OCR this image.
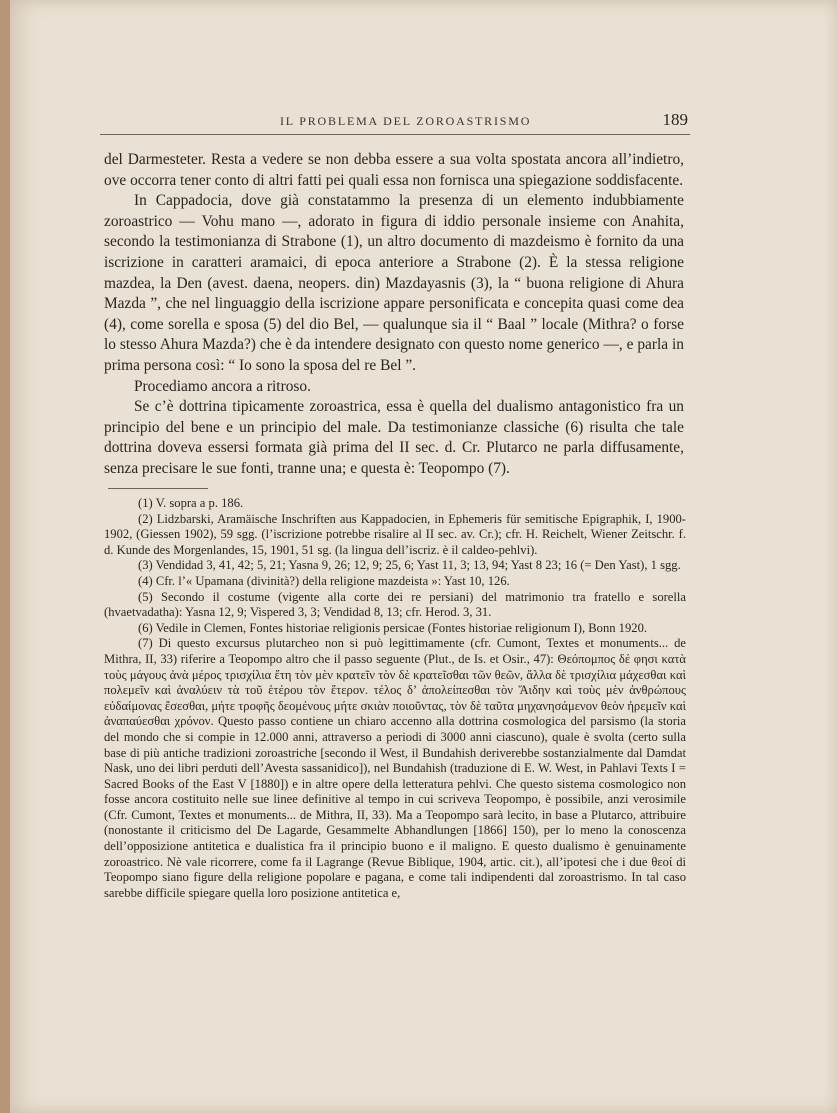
IL PROBLEMA DEL ZOROASTRISMO	189

del Darmesteter. Resta a vedere se non debba essere a sua volta spostata ancora all’indietro, ove occorra tener conto di altri fatti pei quali essa non fornisca una spiegazione soddisfacente.

In Cappadocia, dove già constatammo la presenza di un elemento indubbiamente zoroastrico — Vohu mano —, adorato in figura di iddio personale insieme con Anahita, secondo la testimonianza di Strabone (1), un altro documento di mazdeismo è fornito da una iscrizione in caratteri aramaici, di epoca anteriore a Strabone (2). È la stessa religione mazdea, la Den (avest. daena, neopers. din) Mazdayasnis (3), la “ buona religione di Ahura Mazda ”, che nel linguaggio della iscrizione appare personificata e concepita quasi come dea (4), come sorella e sposa (5) del dio Bel, — qualunque sia il “ Baal ” locale (Mithra? o forse lo stesso Ahura Mazda?) che è da intendere designato con questo nome generico —, e parla in prima persona così: “ Io sono la sposa del re Bel ”.

Procediamo ancora a ritroso.

Se c’è dottrina tipicamente zoroastrica, essa è quella del dualismo antagonistico fra un principio del bene e un principio del male. Da testimonianze classiche (6) risulta che tale dottrina doveva essersi formata già prima del II sec. d. Cr. Plutarco ne parla diffusamente, senza precisare le sue fonti, tranne una; e questa è: Teopompo (7).

(1) V. sopra a p. 186.

(2) Lidzbarski, Aramäische Inschriften aus Kappadocien, in Ephemeris für semitische Epigraphik, I, 1900-1902, (Giessen 1902), 59 sgg. (l’iscrizione potrebbe risalire al II sec. av. Cr.); cfr. H. Reichelt, Wiener Zeitschr. f. d. Kunde des Morgenlandes, 15, 1901, 51 sg. (la lingua dell’iscriz. è il caldeo-pehlvi).

(3) Vendidad 3, 41, 42; 5, 21; Yasna 9, 26; 12, 9; 25, 6; Yast 11, 3; 13, 94; Yast 8 23; 16 (= Den Yast), 1 sgg.

(4) Cfr. l’« Upamana (divinità?) della religione mazdeista »: Yast 10, 126.

(5) Secondo il costume (vigente alla corte dei re persiani) del matrimonio tra fratello e sorella (hvaetvadatha): Yasna 12, 9; Vispered 3, 3; Vendidad 8, 13; cfr. Herod. 3, 31.

(6) Vedile in Clemen, Fontes historiae religionis persicae (Fontes historiae religionum I), Bonn 1920.

(7) Di questo excursus plutarcheo non si può legittimamente (cfr. Cumont, Textes et monuments... de Mithra, II, 33) riferire a Teopompo altro che il passo seguente (Plut., de Is. et Osir., 47): Θεόπομπος δέ φησι κατὰ τοὺς μάγους ἀνὰ μέρος τρισχίλια ἔτη τὸν μὲν κρατεῖν τὸν δὲ κρατεῖσθαι τῶν θεῶν, ἄλλα δὲ τρισχίλια μάχεσθαι καὶ πολεμεῖν καὶ ἀναλύειν τὰ τοῦ ἑτέρου τὸν ἕτερον. τέλος δ’ ἀπολείπεσθαι τὸν Ἅιδην καὶ τοὺς μὲν ἀνθρώπους εὐδαίμονας ἔσεσθαι, μήτε τροφῆς δεομένους μήτε σκιὰν ποιοῦντας, τὸν δὲ ταῦτα μηχανησάμενον θεὸν ἠρεμεῖν καὶ ἀναπαύεσθαι χρόνον. Questo passo contiene un chiaro accenno alla dottrina cosmologica del parsismo (la storia del mondo che si compie in 12.000 anni, attraverso a periodi di 3000 anni ciascuno), quale è svolta (certo sulla base di più antiche tradizioni zoroastriche [secondo il West, il Bundahish deriverebbe sostanzialmente dal Damdat Nask, uno dei libri perduti dell’Avesta sassanidico]), nel Bundahish (traduzione di E. W. West, in Pahlavi Texts I = Sacred Books of the East V [1880]) e in altre opere della letteratura pehlvi. Che questo sistema cosmologico non fosse ancora costituito nelle sue linee definitive al tempo in cui scriveva Teopompo, è possibile, anzi verosimile (Cfr. Cumont, Textes et monuments... de Mithra, II, 33). Ma a Teopompo sarà lecito, in base a Plutarco, attribuire (nonostante il criticismo del De Lagarde, Gesammelte Abhandlungen [1866] 150), per lo meno la conoscenza dell’opposizione antitetica e dualistica fra il principio buono e il maligno. E questo dualismo è genuinamente zoroastrico. Nè vale ricorrere, come fa il Lagrange (Revue Biblique, 1904, artic. cit.), all’ipotesi che i due θεοί di Teopompo siano figure della religione popolare e pagana, e come tali indipendenti dal zoroastrismo. In tal caso sarebbe difficile spiegare quella loro posizione antitetica e,
